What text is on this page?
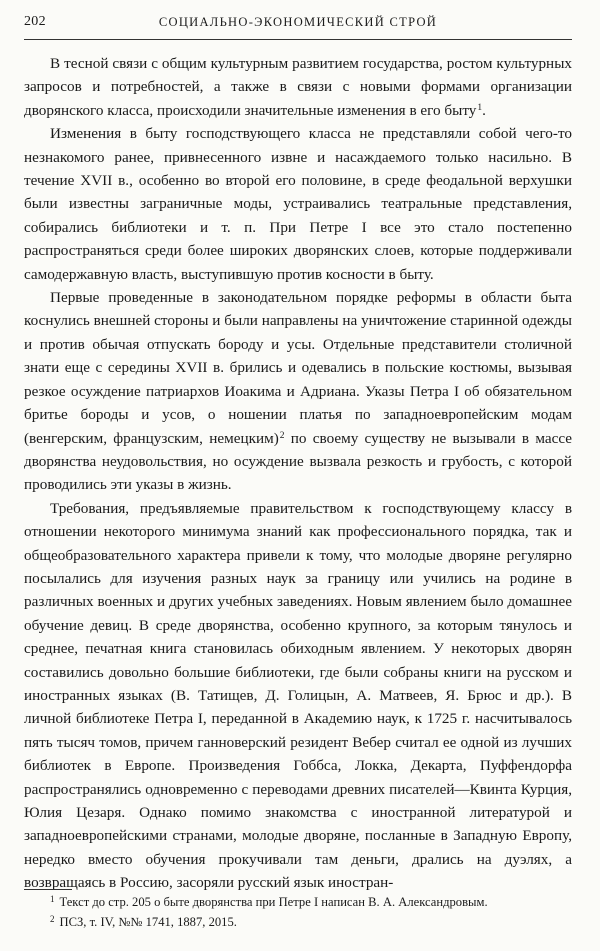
202	СОЦИАЛЬНО-ЭКОНОМИЧЕСКИЙ СТРОЙ

В тесной связи с общим культурным развитием государства, ростом культурных запросов и потребностей, а также в связи с новыми формами организации дворянского класса, происходили значительные изменения в его быту$^1$.

Изменения в быту господствующего класса не представляли собой чего-то незнакомого ранее, привнесенного извне и насаждаемого только насильно. В течение XVII в., особенно во второй его половине, в среде феодальной верхушки были известны заграничные моды, устраивались театральные представления, собирались библиотеки и т. п. При Петре I все это стало постепенно распространяться среди более широких дворянских слоев, которые поддерживали самодержавную власть, выступившую против косности в быту.

Первые проведенные в законодательном порядке реформы в области быта коснулись внешней стороны и были направлены на уничтожение старинной одежды и против обычая отпускать бороду и усы. Отдельные представители столичной знати еще с середины XVII в. брились и одевались в польские костюмы, вызывая резкое осуждение патриархов Иоакима и Адриана. Указы Петра I об обязательном бритье бороды и усов, о ношении платья по западноевропейским модам (венгерским, французским, немецким)$^2$ по своему существу не вызывали в массе дворянства неудовольствия, но осуждение вызвала резкость и грубость, с которой проводились эти указы в жизнь.

Требования, предъявляемые правительством к господствующему классу в отношении некоторого минимума знаний как профессионального порядка, так и общеобразовательного характера привели к тому, что молодые дворяне регулярно посылались для изучения разных наук за границу или учились на родине в различных военных и других учебных заведениях. Новым явлением было домашнее обучение девиц. В среде дворянства, особенно крупного, за которым тянулось и среднее, печатная книга становилась обиходным явлением. У некоторых дворян составились довольно большие библиотеки, где были собраны книги на русском и иностранных языках (В. Татищев, Д. Голицын, А. Матвеев, Я. Брюс и др.). В личной библиотеке Петра I, переданной в Академию наук, к 1725 г. насчитывалось пять тысяч томов, причем ганноверский резидент Вебер считал ее одной из лучших библиотек в Европе. Произведения Гоббса, Локка, Декарта, Пуффендорфа распространялись одновременно с переводами древних писателей—Квинта Курция, Юлия Цезаря. Однако помимо знакомства с иностранной литературой и западноевропейскими странами, молодые дворяне, посланные в Западную Европу, нередко вместо обучения прокучивали там деньги, дрались на дуэлях, а возвращаясь в Россию, засоряли русский язык иностран-

$^1$ Текст до стр. 205 о быте дворянства при Петре I написан В. А. Александровым.
$^2$ ПСЗ, т. IV, №№ 1741, 1887, 2015.
